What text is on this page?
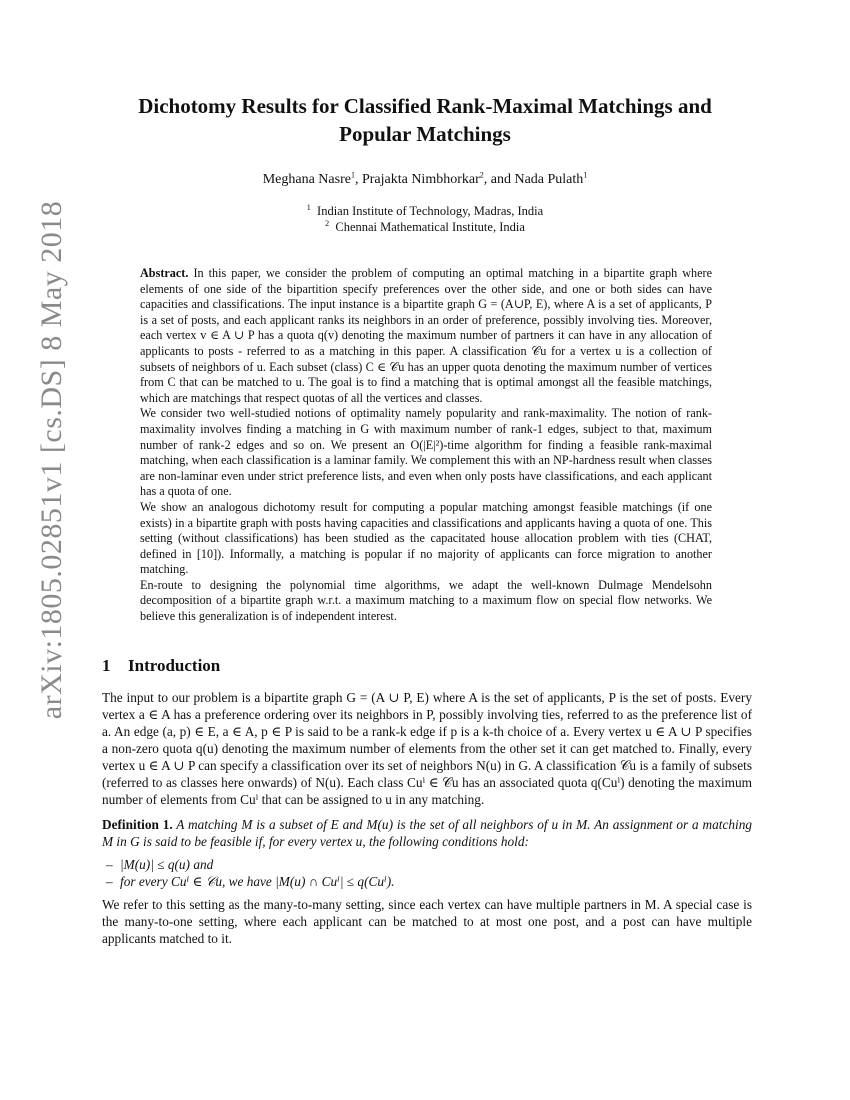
arXiv:1805.02851v1 [cs.DS] 8 May 2018
Dichotomy Results for Classified Rank-Maximal Matchings and
Popular Matchings
Meghana Nasre$^1$, Prajakta Nimbhorkar$^2$, and Nada Pulath$^1$
$^1$ Indian Institute of Technology, Madras, India
$^2$ Chennai Mathematical Institute, India

Abstract. In this paper, we consider the problem of computing an optimal matching in a bipartite graph where elements of one side of the bipartition specify preferences over the other side, and one or both sides can have capacities and classifications. The input instance is a bipartite graph G = (A∪P, E), where A is a set of applicants, P is a set of posts, and each applicant ranks its neighbors in an order of preference, possibly involving ties. Moreover, each vertex v ∈ A ∪ P has a quota q(v) denoting the maximum number of partners it can have in any allocation of applicants to posts - referred to as a matching in this paper. A classification 𝒞u for a vertex u is a collection of subsets of neighbors of u. Each subset (class) C ∈ 𝒞u has an upper quota denoting the maximum number of vertices from C that can be matched to u. The goal is to find a matching that is optimal amongst all the feasible matchings, which are matchings that respect quotas of all the vertices and classes.

We consider two well-studied notions of optimality namely popularity and rank-maximality. The notion of rank-maximality involves finding a matching in G with maximum number of rank-1 edges, subject to that, maximum number of rank-2 edges and so on. We present an O(|E|²)-time algorithm for finding a feasible rank-maximal matching, when each classification is a laminar family. We complement this with an NP-hardness result when classes are non-laminar even under strict preference lists, and even when only posts have classifications, and each applicant has a quota of one.

We show an analogous dichotomy result for computing a popular matching amongst feasible matchings (if one exists) in a bipartite graph with posts having capacities and classifications and applicants having a quota of one. This setting (without classifications) has been studied as the capacitated house allocation problem with ties (CHAT, defined in [10]). Informally, a matching is popular if no majority of applicants can force migration to another matching.

En-route to designing the polynomial time algorithms, we adapt the well-known Dulmage Mendelsohn decomposition of a bipartite graph w.r.t. a maximum matching to a maximum flow on special flow networks. We believe this generalization is of independent interest.

1 Introduction

The input to our problem is a bipartite graph G = (A ∪ P, E) where A is the set of applicants, P is the set of posts. Every vertex a ∈ A has a preference ordering over its neighbors in P, possibly involving ties, referred to as the preference list of a. An edge (a, p) ∈ E, a ∈ A, p ∈ P is said to be a rank-k edge if p is a k-th choice of a. Every vertex u ∈ A ∪ P specifies a non-zero quota q(u) denoting the maximum number of elements from the other set it can get matched to. Finally, every vertex u ∈ A ∪ P can specify a classification over its set of neighbors N(u) in G. A classification 𝒞u is a family of subsets (referred to as classes here onwards) of N(u). Each class Cuⁱ ∈ 𝒞u has an associated quota q(Cuⁱ) denoting the maximum number of elements from Cuⁱ that can be assigned to u in any matching.

Definition 1. A matching M is a subset of E and M(u) is the set of all neighbors of u in M. An assignment or a matching M in G is said to be feasible if, for every vertex u, the following conditions hold:

– |M(u)| ≤ q(u) and
– for every Cuⁱ ∈ 𝒞u, we have |M(u) ∩ Cuⁱ| ≤ q(Cuⁱ).

We refer to this setting as the many-to-many setting, since each vertex can have multiple partners in M. A special case is the many-to-one setting, where each applicant can be matched to at most one post, and a post can have multiple applicants matched to it.
